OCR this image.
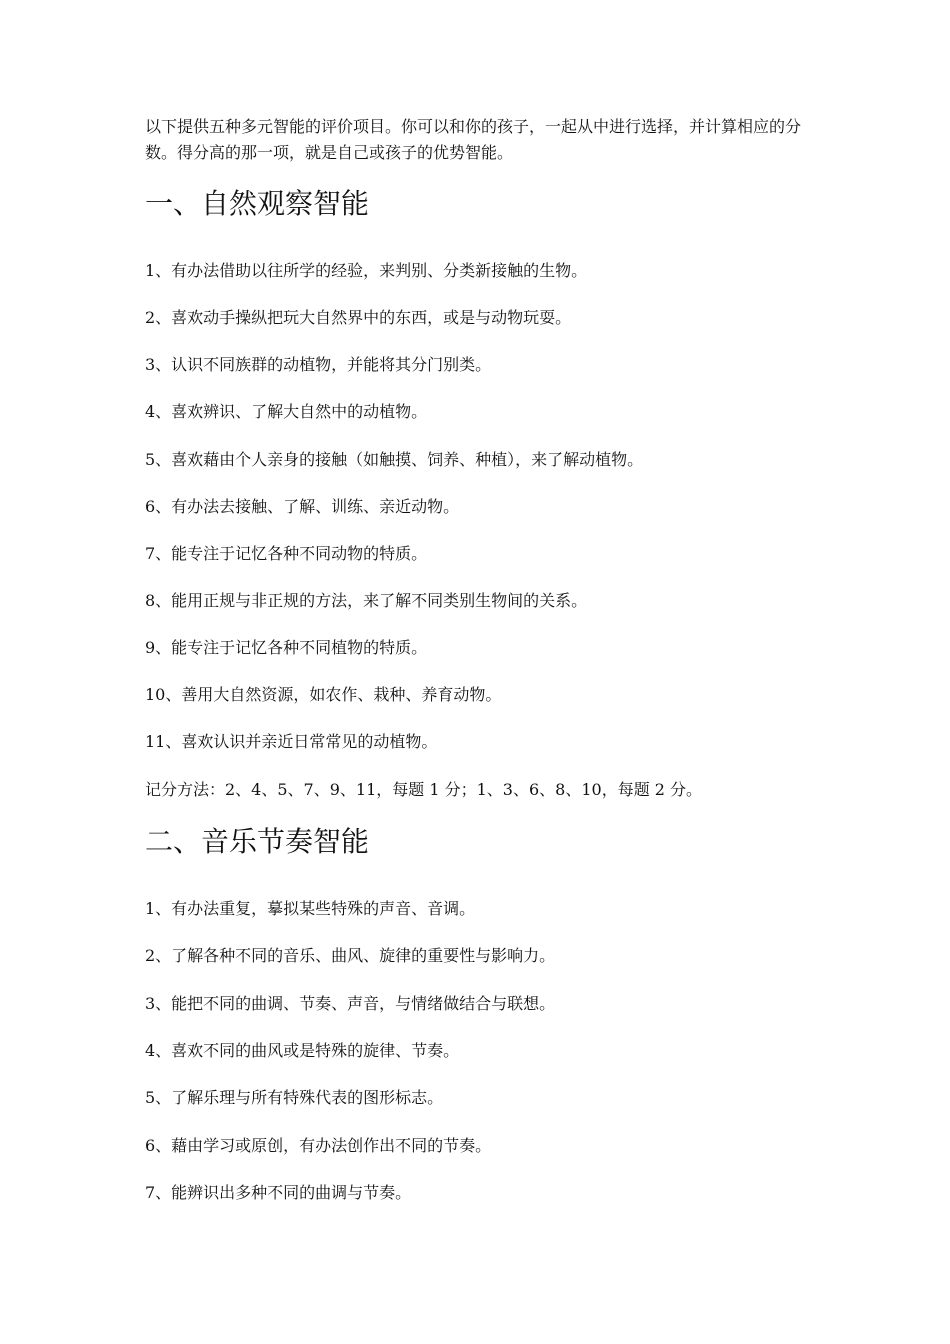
以下提供五种多元智能的评价项目。你可以和你的孩子，一起从中进行选择，并计算相应的分数。得分高的那一项，就是自己或孩子的优势智能。

一、自然观察智能

1、有办法借助以往所学的经验，来判别、分类新接触的生物。

2、喜欢动手操纵把玩大自然界中的东西，或是与动物玩耍。

3、认识不同族群的动植物，并能将其分门别类。

4、喜欢辨识、了解大自然中的动植物。

5、喜欢藉由个人亲身的接触（如触摸、饲养、种植），来了解动植物。

6、有办法去接触、了解、训练、亲近动物。

7、能专注于记忆各种不同动物的特质。

8、能用正规与非正规的方法，来了解不同类别生物间的关系。

9、能专注于记忆各种不同植物的特质。

10、善用大自然资源，如农作、栽种、养育动物。

11、喜欢认识并亲近日常常见的动植物。

记分方法：2、4、5、7、9、11，每题 1 分；1、3、6、8、10，每题 2 分。

二、音乐节奏智能

1、有办法重复，摹拟某些特殊的声音、音调。

2、了解各种不同的音乐、曲风、旋律的重要性与影响力。

3、能把不同的曲调、节奏、声音，与情绪做结合与联想。

4、喜欢不同的曲风或是特殊的旋律、节奏。

5、了解乐理与所有特殊代表的图形标志。

6、藉由学习或原创，有办法创作出不同的节奏。

7、能辨识出多种不同的曲调与节奏。
